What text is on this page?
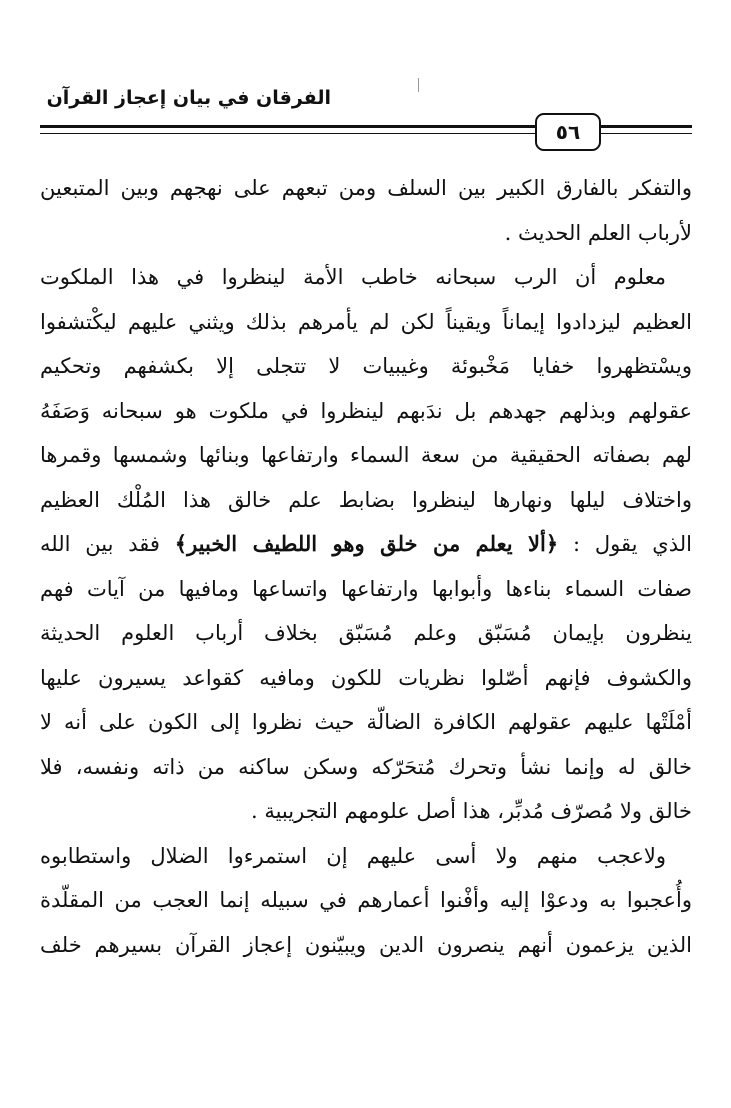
الفرقان في بيان إعجاز القرآن
٥٦
والتفكر بالفارق الكبير بين السلف ومن تبعهم على نهجهم وبين المتبعين
لأرباب العلم الحديث .
معلوم أن الرب سبحانه خاطب الأمة لينظروا في هذا الملكوت
العظيم ليزدادوا إيماناً ويقيناً لكن لم يأمرهم بذلك ويثني عليهم ليكْتشفوا
ويسْتظهروا خفايا مَخْبوئة وغيبيات لا تتجلى إلا بكشفهم وتحكيم
عقولهم وبذلهم جهدهم بل ندَبهم لينظروا في ملكوت هو سبحانه وَصَفَهُ
لهم بصفاته الحقيقية من سعة السماء وارتفاعها وبنائها وشمسها وقمرها
واختلاف ليلها ونهارها لينظروا بضابط علم خالق هذا المُلْك العظيم
الذي يقول : ﴿ألا يعلم من خلق وهو اللطيف الخبير﴾ فقد بين الله
صفات السماء بناءها وأبوابها وارتفاعها واتساعها ومافيها من آيات فهم
ينظرون بإيمان مُسَبّق وعلم مُسَبّق بخلاف أرباب العلوم الحديثة
والكشوف فإنهم أصّلوا نظريات للكون ومافيه كقواعد يسيرون عليها
أمْلَتْها عليهم عقولهم الكافرة الضالّة حيث نظروا إلى الكون على أنه لا
خالق له وإنما نشأ وتحرك مُتحَرّكه وسكن ساكنه من ذاته ونفسه، فلا
خالق ولا مُصرّف مُدبِّر، هذا أصل علومهم التجريبية .
ولاعجب منهم ولا أسى عليهم إن استمرءوا الضلال واستطابوه
وأُعجبوا به ودعوْا إليه وأفْنوا أعمارهم في سبيله إنما العجب من المقلّدة
الذين يزعمون أنهم ينصرون الدين ويبيّنون إعجاز القرآن بسيرهم خلف
